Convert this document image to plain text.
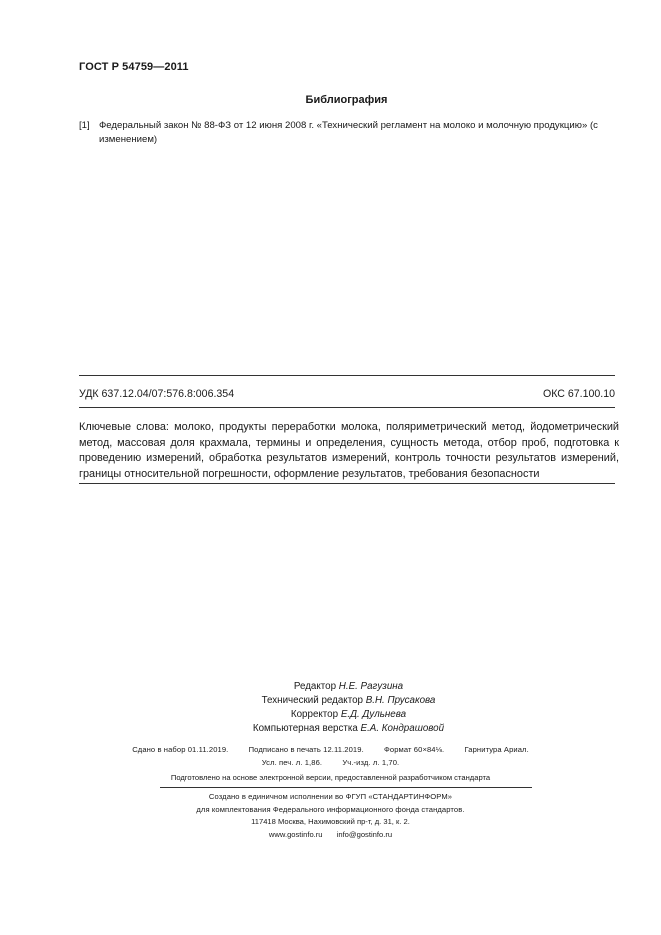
ГОСТ Р 54759—2011
Библиография
[1] Федеральный закон № 88-ФЗ от 12 июня 2008 г. «Технический регламент на молоко и молочную продукцию» (с изменением)
УДК 637.12.04/07:576.8:006.354	ОКС 67.100.10
Ключевые слова: молоко, продукты переработки молока, поляриметрический метод, йодометрический метод, массовая доля крахмала, термины и определения, сущность метода, отбор проб, подготовка к проведению измерений, обработка результатов измерений, контроль точности результатов измерений, границы относительной погрешности, оформление результатов, требования безопасности
Редактор Н.Е. Рагузина
Технический редактор В.Н. Прусакова
Корректор Е.Д. Дульнева
Компьютерная верстка Е.А. Кондрашовой
Сдано в набор 01.11.2019.	Подписано в печать 12.11.2019.	Формат 60×84⅛.	Гарнитура Ариал.
Усл. печ. л. 1,86.	Уч.-изд. л. 1,70.
Подготовлено на основе электронной версии, предоставленной разработчиком стандарта
Создано в единичном исполнении во ФГУП «СТАНДАРТИНФОРМ»
для комплектования Федерального информационного фонда стандартов.
117418 Москва, Нахимовский пр-т, д. 31, к. 2.
www.gostinfo.ru info@gostinfo.ru
